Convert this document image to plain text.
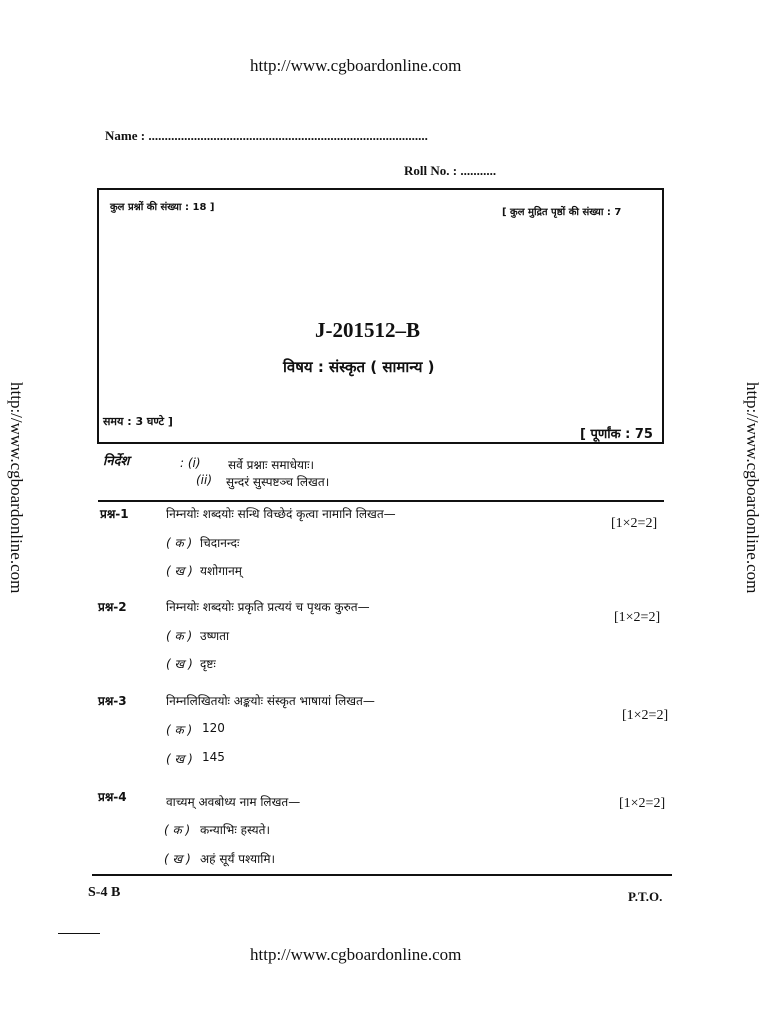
http://www.cgboardonline.com
http://www.cgboardonline.com
http://www.cgboardonline.com	http://www.cgboardonline.com
Name : ......................................................................................
Roll No. : ...........
कुल प्रश्नों की संख्या : 18 ]	[ कुल मुद्रित पृष्ठों की संख्या : 7
J-201512–B
विषय : संस्कृत ( सामान्य )
समय : 3 घण्टे ]
[ पूर्णांक : 75
निर्देश	: (i) सर्वे प्रश्नाः समाधेयाः।
(ii) सुन्दरं सुस्पष्टञ्च लिखत।
प्रश्न-1	निम्नयोः शब्दयोः सन्धि विच्छेदं कृत्वा नामानि लिखत—
[1×2=2]
( क ) चिदानन्दः
( ख ) यशोगानम्
प्रश्न-2	निम्नयोः शब्दयोः प्रकृति प्रत्ययं च पृथक कुरुत—
[1×2=2]
( क ) उष्णता
( ख ) दृष्टः
प्रश्न-3	निम्नलिखितयोः अङ्कयोः संस्कृत भाषायां लिखत—
[1×2=2]
( क ) 120
( ख ) 145
प्रश्न-4	वाच्यम् अवबोध्य नाम लिखत—	[1×2=2]
( क ) कन्याभिः हस्यते।
( ख ) अहं सूर्यं पश्यामि।
S-4 B	P.T.O.
